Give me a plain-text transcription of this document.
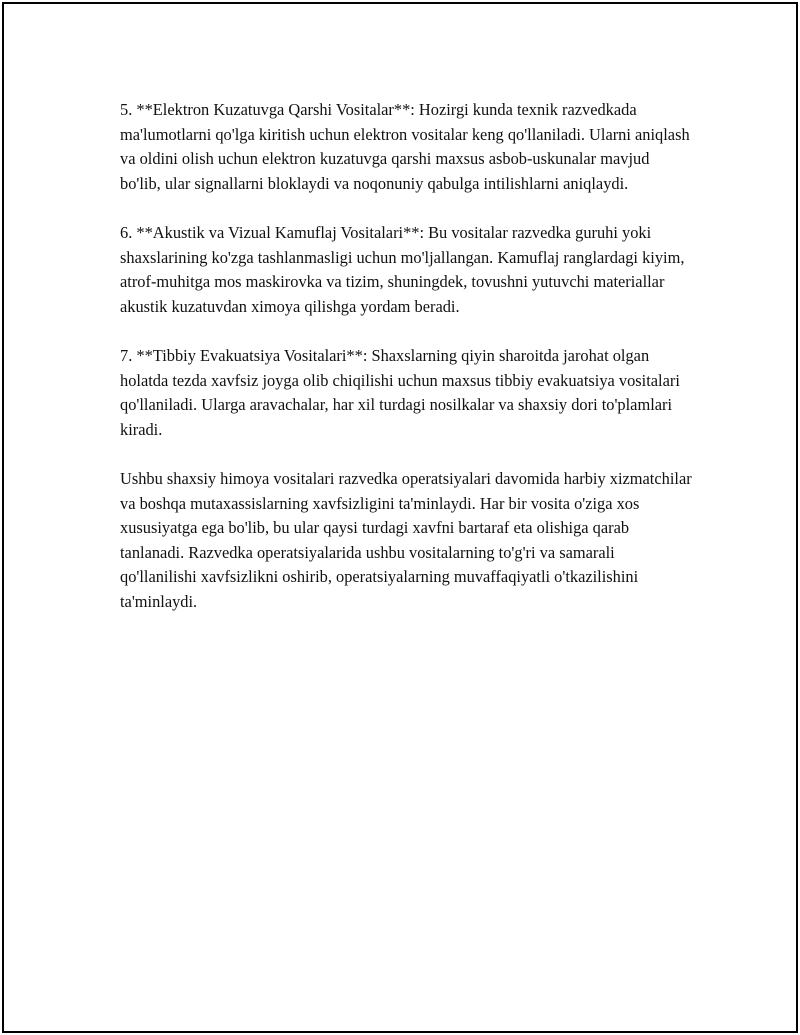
5. **Elektron Kuzatuvga Qarshi Vositalar**: Hozirgi kunda texnik razvedkada ma'lumotlarni qo'lga kiritish uchun elektron vositalar keng qo'llaniladi. Ularni aniqlash va oldini olish uchun elektron kuzatuvga qarshi maxsus asbob-uskunalar mavjud bo'lib, ular signallarni bloklaydi va noqonuniy qabulga intilishlarni aniqlaydi.

6. **Akustik va Vizual Kamuflaj Vositalari**: Bu vositalar razvedka guruhi yoki shaxslarining ko'zga tashlanmasligi uchun mo'ljallangan. Kamuflaj ranglardagi kiyim, atrof-muhitga mos maskirovka va tizim, shuningdek, tovushni yutuvchi materiallar akustik kuzatuvdan ximoya qilishga yordam beradi.

7. **Tibbiy Evakuatsiya Vositalari**: Shaxslarning qiyin sharoitda jarohat olgan holatda tezda xavfsiz joyga olib chiqilishi uchun maxsus tibbiy evakuatsiya vositalari qo'llaniladi. Ularga aravachalar, har xil turdagi nosilkalar va shaxsiy dori to'plamlari kiradi.

Ushbu shaxsiy himoya vositalari razvedka operatsiyalari davomida harbiy xizmatchilar va boshqa mutaxassislarning xavfsizligini ta'minlaydi. Har bir vosita o'ziga xos xususiyatga ega bo'lib, bu ular qaysi turdagi xavfni bartaraf eta olishiga qarab tanlanadi. Razvedka operatsiyalarida ushbu vositalarning to'g'ri va samarali qo'llanilishi xavfsizlikni oshirib, operatsiyalarning muvaffaqiyatli o'tkazilishini ta'minlaydi.
